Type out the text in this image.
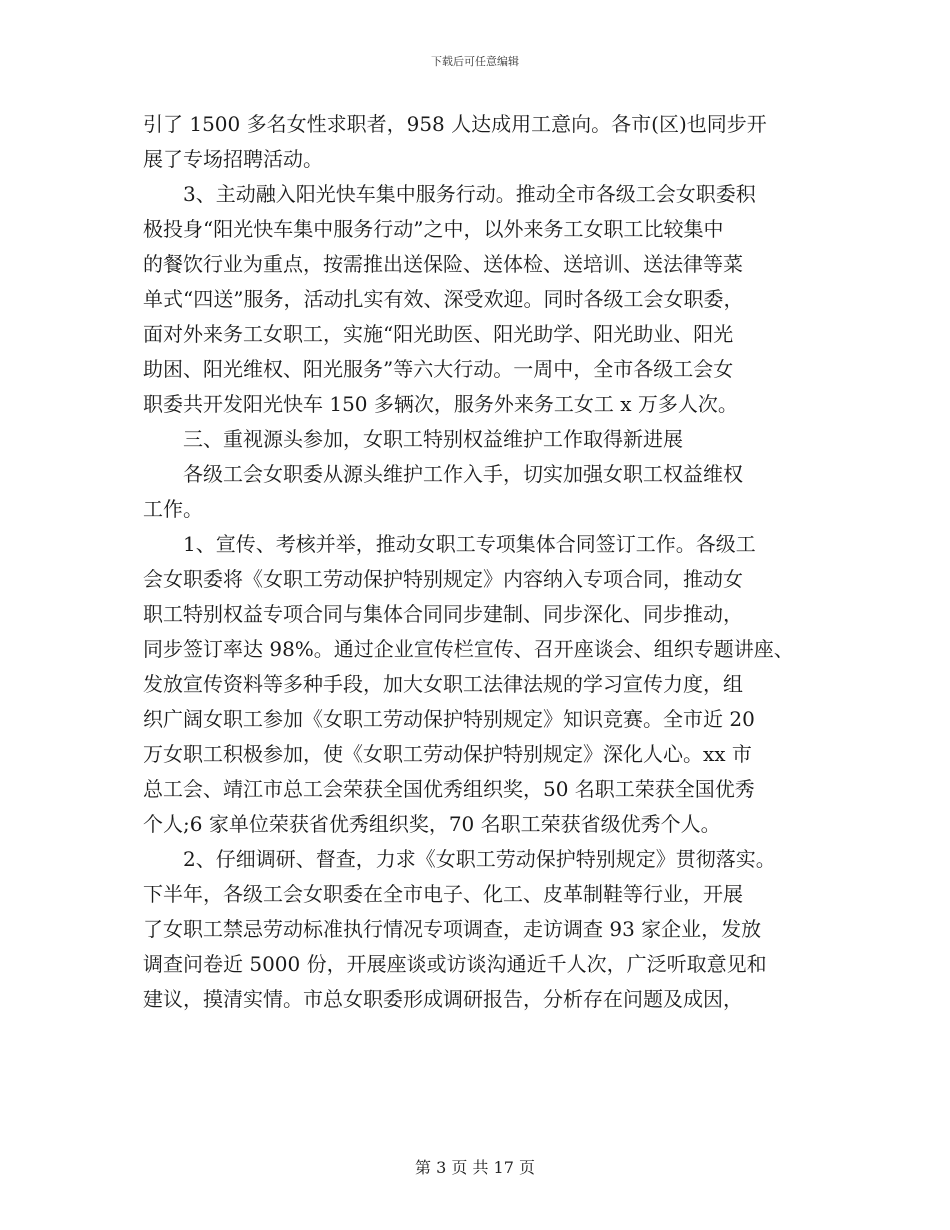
下载后可任意编辑
引了 1500 多名女性求职者，958 人达成用工意向。各市(区)也同步开
展了专场招聘活动。
　　3、主动融入阳光快车集中服务行动。推动全市各级工会女职委积
极投身“阳光快车集中服务行动”之中，以外来务工女职工比较集中
的餐饮行业为重点，按需推出送保险、送体检、送培训、送法律等菜
单式“四送”服务，活动扎实有效、深受欢迎。同时各级工会女职委，
面对外来务工女职工，实施“阳光助医、阳光助学、阳光助业、阳光
助困、阳光维权、阳光服务”等六大行动。一周中，全市各级工会女
职委共开发阳光快车 150 多辆次，服务外来务工女工 x 万多人次。
　　三、重视源头参加，女职工特别权益维护工作取得新进展
　　各级工会女职委从源头维护工作入手，切实加强女职工权益维权
工作。
　　1、宣传、考核并举，推动女职工专项集体合同签订工作。各级工
会女职委将《女职工劳动保护特别规定》内容纳入专项合同，推动女
职工特别权益专项合同与集体合同同步建制、同步深化、同步推动，
同步签订率达 98%。通过企业宣传栏宣传、召开座谈会、组织专题讲座、
发放宣传资料等多种手段，加大女职工法律法规的学习宣传力度，组
织广阔女职工参加《女职工劳动保护特别规定》知识竞赛。全市近 20
万女职工积极参加，使《女职工劳动保护特别规定》深化人心。xx 市
总工会、靖江市总工会荣获全国优秀组织奖，50 名职工荣获全国优秀
个人;6 家单位荣获省优秀组织奖，70 名职工荣获省级优秀个人。
　　2、仔细调研、督查，力求《女职工劳动保护特别规定》贯彻落实。
下半年，各级工会女职委在全市电子、化工、皮革制鞋等行业，开展
了女职工禁忌劳动标准执行情况专项调查，走访调查 93 家企业，发放
调查问卷近 5000 份，开展座谈或访谈沟通近千人次，广泛听取意见和
建议，摸清实情。市总女职委形成调研报告，分析存在问题及成因，
第 3 页 共 17 页
